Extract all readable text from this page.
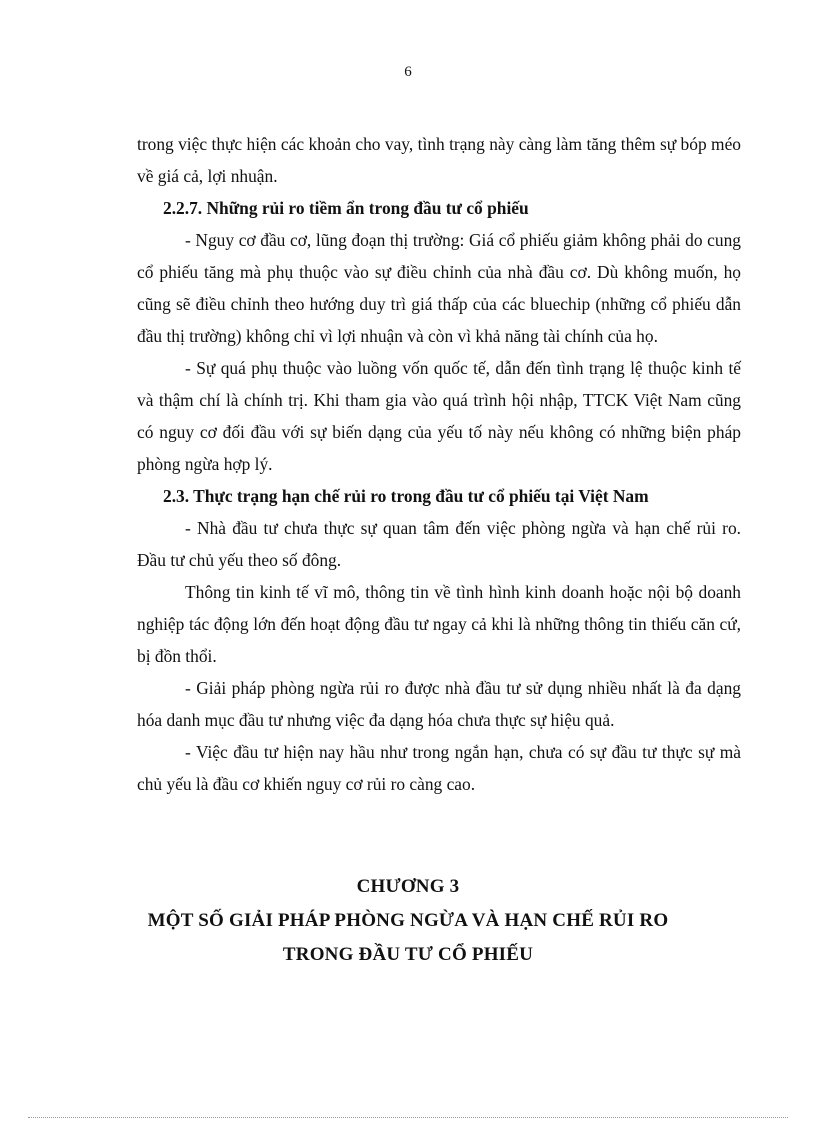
6

trong việc thực hiện các khoản cho vay, tình trạng này càng làm tăng thêm sự bóp méo về giá cả, lợi nhuận.

2.2.7. Những rủi ro tiềm ẩn trong đầu tư cổ phiếu

- Nguy cơ đầu cơ, lũng đoạn thị trường: Giá cổ phiếu giảm không phải do cung cổ phiếu tăng mà phụ thuộc vào sự điều chỉnh của nhà đầu cơ. Dù không muốn, họ cũng sẽ điều chỉnh theo hướng duy trì giá thấp của các bluechip (những cổ phiếu dẫn đầu thị trường) không chỉ vì lợi nhuận và còn vì khả năng tài chính của họ.

- Sự quá phụ thuộc vào luồng vốn quốc tế, dẫn đến tình trạng lệ thuộc kinh tế và thậm chí là chính trị. Khi tham gia vào quá trình hội nhập, TTCK Việt Nam cũng có nguy cơ đối đầu với sự biến dạng của yếu tố này nếu không có những biện pháp phòng ngừa hợp lý.

2.3. Thực trạng hạn chế rủi ro trong đầu tư cổ phiếu tại Việt Nam

- Nhà đầu tư chưa thực sự quan tâm đến việc phòng ngừa và hạn chế rủi ro. Đầu tư chủ yếu theo số đông.

Thông tin kinh tế vĩ mô, thông tin về tình hình kinh doanh hoặc nội bộ doanh nghiệp tác động lớn đến hoạt động đầu tư ngay cả khi là những thông tin thiếu căn cứ, bị đồn thổi.

- Giải pháp phòng ngừa rủi ro được nhà đầu tư sử dụng nhiều nhất là đa dạng hóa danh mục đầu tư nhưng việc đa dạng hóa chưa thực sự hiệu quả.

- Việc đầu tư hiện nay hầu như trong ngắn hạn, chưa có sự đầu tư thực sự mà chủ yếu là đầu cơ khiến nguy cơ rủi ro càng cao.

CHƯƠNG 3
MỘT SỐ GIẢI PHÁP PHÒNG NGỪA VÀ HẠN CHẾ RỦI RO
TRONG ĐẦU TƯ CỔ PHIẾU
